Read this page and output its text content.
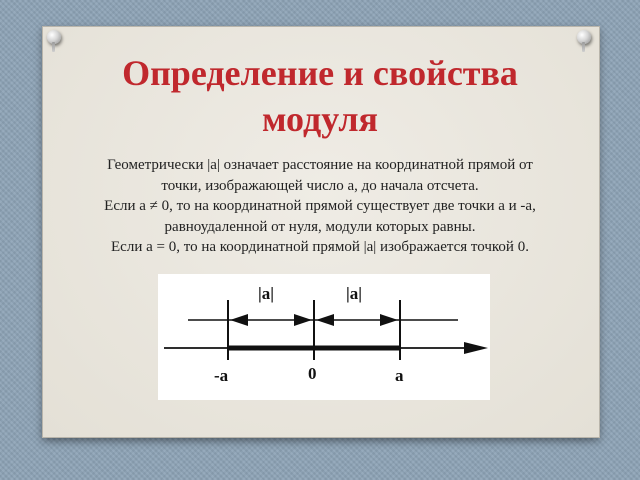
Определение и свойства
модуля

Геометрически |a| означает расстояние на координатной прямой от

точки, изображающей число а, до начала отсчета.

Если а ≠ 0, то на координатной прямой существует две точки а и -а,

равноудаленной от нуля, модули которых равны.

Если а = 0, то на координатной прямой |a| изображается точкой 0.

|a|	|a|
-a	0	a
